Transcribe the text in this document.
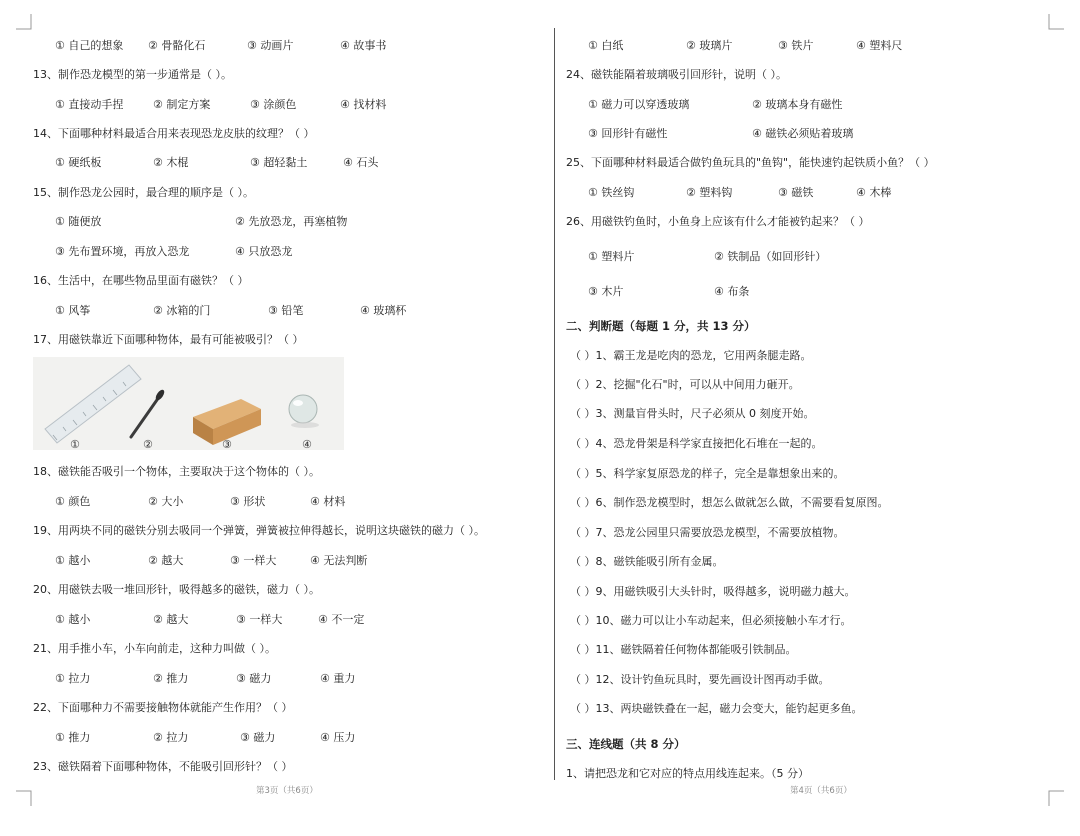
① 自己的想象 ② 骨骼化石	③ 动画片	④ 故事书
13、制作恐龙模型的第一步通常是（ ）。
① 直接动手捏	② 制定方案	③ 涂颜色	④ 找材料
14、下面哪种材料最适合用来表现恐龙皮肤的纹理？（ ）
① 硬纸板	② 木棍	③ 超轻黏土	④ 石头
15、制作恐龙公园时，最合理的顺序是（ ）。
① 随便放	② 先放恐龙，再塞植物
③ 先布置环境，再放入恐龙	④ 只放恐龙
16、生活中，在哪些物品里面有磁铁？（ ）
① 风筝	② 冰箱的门	③ 铅笔	④ 玻璃杯
17、用磁铁靠近下面哪种物体，最有可能被吸引？（ ）
①	②	③	④
18、磁铁能否吸引一个物体，主要取决于这个物体的（ ）。
① 颜色	② 大小	③ 形状	④ 材料
19、用两块不同的磁铁分别去吸同一个弹簧，弹簧被拉伸得越长，说明这块磁铁的磁力（ ）。
① 越小	② 越大	③ 一样大	④ 无法判断
20、用磁铁去吸一堆回形针，吸得越多的磁铁，磁力（ ）。
① 越小	② 越大	③ 一样大	④ 不一定
21、用手推小车，小车向前走，这种力叫做（ ）。
① 拉力	② 推力	③ 磁力	④ 重力
22、下面哪种力不需要接触物体就能产生作用？（ ）
① 推力	② 拉力	③ 磁力	④ 压力
23、磁铁隔着下面哪种物体，不能吸引回形针？（ ）
第3页（共6页）
① 白纸	② 玻璃片	③ 铁片	④ 塑料尺
24、磁铁能隔着玻璃吸引回形针，说明（ ）。
① 磁力可以穿透玻璃	② 玻璃本身有磁性
③ 回形针有磁性	④ 磁铁必须贴着玻璃
25、下面哪种材料最适合做钓鱼玩具的"鱼钩"，能快速钓起铁质小鱼？（ ）
① 铁丝钩	② 塑料钩	③ 磁铁	④ 木棒
26、用磁铁钓鱼时，小鱼身上应该有什么才能被钓起来？（ ）
① 塑料片	② 铁制品（如回形针）
③ 木片	④ 布条
二、判断题（每题 1 分，共 13 分）
（ ）1、霸王龙是吃肉的恐龙，它用两条腿走路。
（ ）2、挖掘"化石"时，可以从中间用力砸开。
（ ）3、测量盲骨头时，尺子必须从 0 刻度开始。
（ ）4、恐龙骨架是科学家直接把化石堆在一起的。
（ ）5、科学家复原恐龙的样子，完全是靠想象出来的。
（ ）6、制作恐龙模型时，想怎么做就怎么做，不需要看复原图。
（ ）7、恐龙公园里只需要放恐龙模型，不需要放植物。
（ ）8、磁铁能吸引所有金属。
（ ）9、用磁铁吸引大头针时，吸得越多，说明磁力越大。
（ ）10、磁力可以让小车动起来，但必须接触小车才行。
（ ）11、磁铁隔着任何物体都能吸引铁制品。
（ ）12、设计钓鱼玩具时，要先画设计图再动手做。
（ ）13、两块磁铁叠在一起，磁力会变大，能钓起更多鱼。
三、连线题（共 8 分）
1、请把恐龙和它对应的特点用线连起来。（5 分）
第4页（共6页）
